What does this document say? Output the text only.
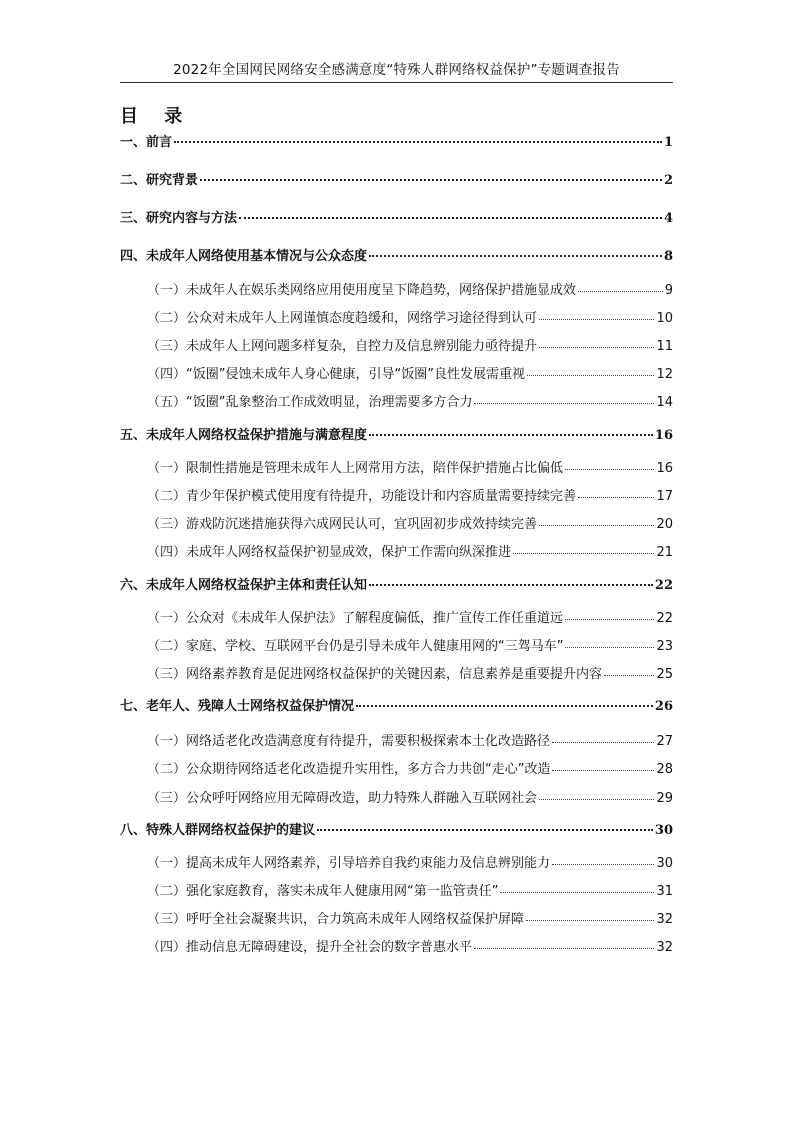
2022年全国网民网络安全感满意度“特殊人群网络权益保护”专题调查报告
目 录
一、前言	1
二、研究背景	2
三、研究内容与方法	4
四、未成年人网络使用基本情况与公众态度	8
（一）未成年人在娱乐类网络应用使用度呈下降趋势，网络保护措施显成效	9
（二）公众对未成年人上网谨慎态度趋缓和，网络学习途径得到认可	10
（三）未成年人上网问题多样复杂，自控力及信息辨别能力亟待提升	11
（四）“饭圈”侵蚀未成年人身心健康，引导“饭圈”良性发展需重视	12
（五）“饭圈”乱象整治工作成效明显，治理需要多方合力	14
五、未成年人网络权益保护措施与满意程度	16
（一）限制性措施是管理未成年人上网常用方法，陪伴保护措施占比偏低	16
（二）青少年保护模式使用度有待提升，功能设计和内容质量需要持续完善	17
（三）游戏防沉迷措施获得六成网民认可，宜巩固初步成效持续完善	20
（四）未成年人网络权益保护初显成效，保护工作需向纵深推进	21
六、未成年人网络权益保护主体和责任认知	22
（一）公众对《未成年人保护法》了解程度偏低，推广宣传工作任重道远	22
（二）家庭、学校、互联网平台仍是引导未成年人健康用网的“三驾马车”	23
（三）网络素养教育是促进网络权益保护的关键因素，信息素养是重要提升内容	25
七、老年人、残障人士网络权益保护情况	26
（一）网络适老化改造满意度有待提升，需要积极探索本土化改造路径	27
（二）公众期待网络适老化改造提升实用性，多方合力共创“走心”改造	28
（三）公众呼吁网络应用无障碍改造，助力特殊人群融入互联网社会	29
八、特殊人群网络权益保护的建议	30
（一）提高未成年人网络素养，引导培养自我约束能力及信息辨别能力	30
（二）强化家庭教育，落实未成年人健康用网“第一监管责任”	31
（三）呼吁全社会凝聚共识，合力筑高未成年人网络权益保护屏障	32
（四）推动信息无障碍建设，提升全社会的数字普惠水平	32
